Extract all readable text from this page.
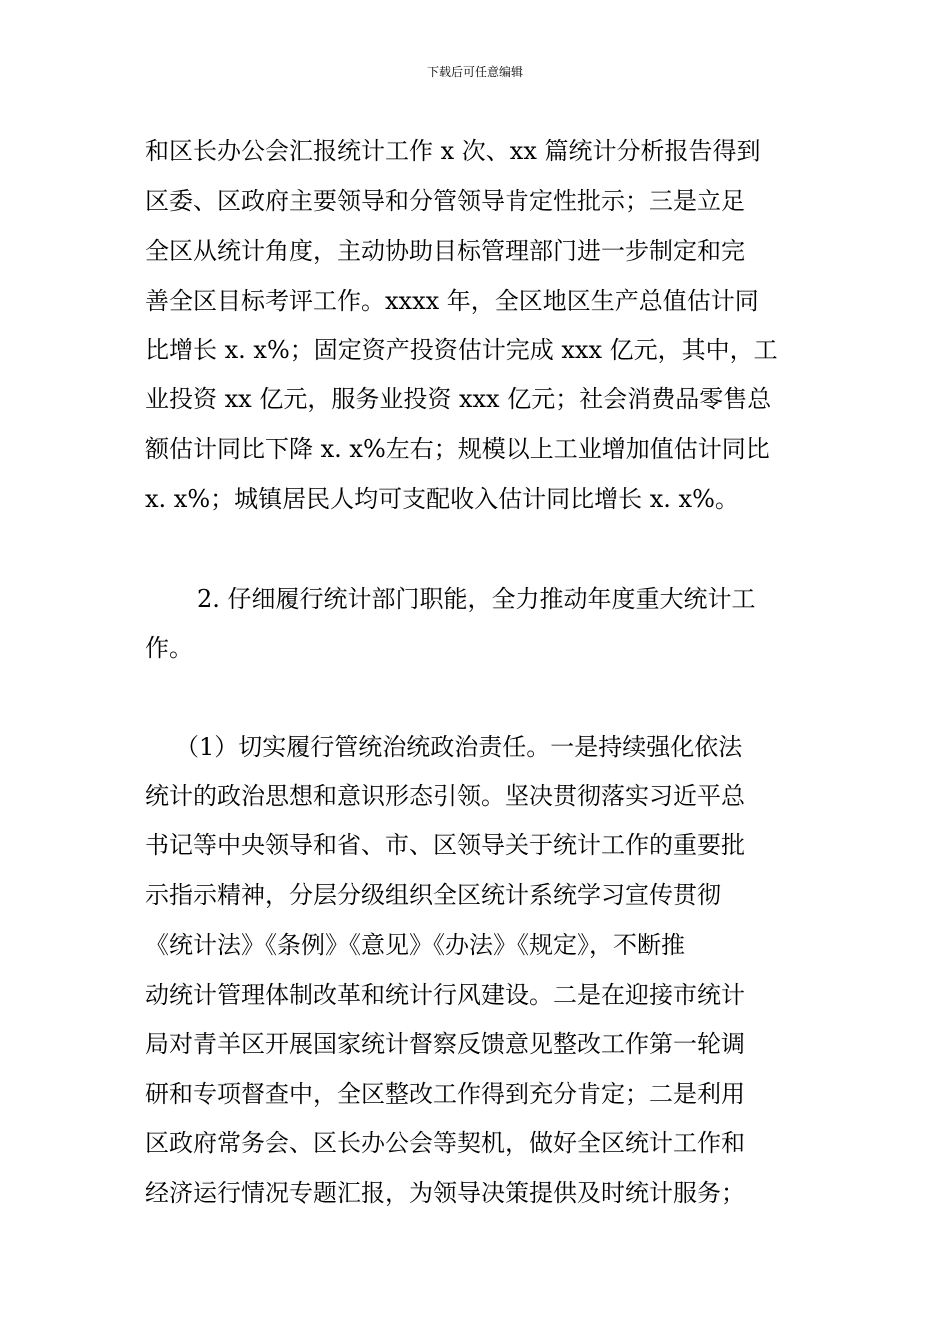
下载后可任意编辑
和区长办公会汇报统计工作 x 次、xx 篇统计分析报告得到
区委、区政府主要领导和分管领导肯定性批示；三是立足
全区从统计角度，主动协助目标管理部门进一步制定和完
善全区目标考评工作。xxxx 年，全区地区生产总值估计同
比增长 x. x%；固定资产投资估计完成 xxx 亿元，其中，工
业投资 xx 亿元，服务业投资 xxx 亿元；社会消费品零售总
额估计同比下降 x. x%左右；规模以上工业增加值估计同比
x. x%；城镇居民人均可支配收入估计同比增长 x. x%。
2. 仔细履行统计部门职能，全力推动年度重大统计工
作。
（1）切实履行管统治统政治责任。一是持续强化依法
统计的政治思想和意识形态引领。坚决贯彻落实习近平总
书记等中央领导和省、市、区领导关于统计工作的重要批
示指示精神，分层分级组织全区统计系统学习宣传贯彻
《统计法》《条例》《意见》《办法》《规定》，不断推
动统计管理体制改革和统计行风建设。二是在迎接市统计
局对青羊区开展国家统计督察反馈意见整改工作第一轮调
研和专项督查中，全区整改工作得到充分肯定；二是利用
区政府常务会、区长办公会等契机，做好全区统计工作和
经济运行情况专题汇报，为领导决策提供及时统计服务；
